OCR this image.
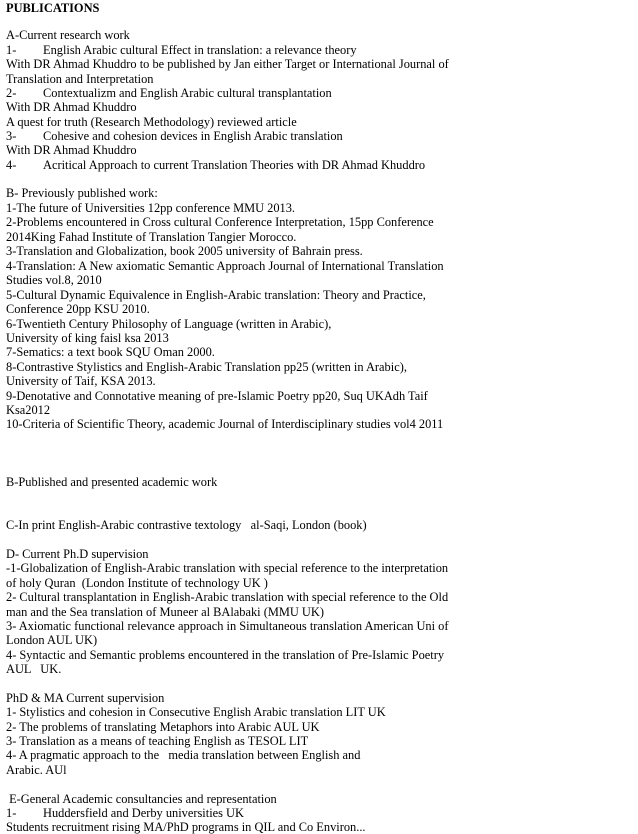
PUBLICATIONS
A-Current research work
1- English Arabic cultural Effect in translation: a relevance theory
With DR Ahmad Khuddro to be published by Jan either Target or International Journal of
Translation and Interpretation
2- Contextualizm and English Arabic cultural transplantation
With DR Ahmad Khuddro
A quest for truth (Research Methodology) reviewed article
3- Cohesive and cohesion devices in English Arabic translation
With DR Ahmad Khuddro
4- Acritical Approach to current Translation Theories with DR Ahmad Khuddro
B- Previously published work:
1-The future of Universities 12pp conference MMU 2013.
2-Problems encountered in Cross cultural Conference Interpretation, 15pp Conference
2014King Fahad Institute of Translation Tangier Morocco.
3-Translation and Globalization, book 2005 university of Bahrain press.
4-Translation: A New axiomatic Semantic Approach Journal of International Translation
Studies vol.8, 2010
5-Cultural Dynamic Equivalence in English-Arabic translation: Theory and Practice,
Conference 20pp KSU 2010.
6-Twentieth Century Philosophy of Language (written in Arabic),
University of king faisl ksa 2013
7-Sematics: a text book SQU Oman 2000.
8-Contrastive Stylistics and English-Arabic Translation pp25 (written in Arabic),
University of Taif, KSA 2013.
9-Denotative and Connotative meaning of pre-Islamic Poetry pp20, Suq UKAdh Taif
Ksa2012
10-Criteria of Scientific Theory, academic Journal of Interdisciplinary studies vol4 2011
B-Published and presented academic work
C-In print English-Arabic contrastive textology   al-Saqi, London (book)
D- Current Ph.D supervision
-1-Globalization of English-Arabic translation with special reference to the interpretation
of holy Quran  (London Institute of technology UK )
2- Cultural transplantation in English-Arabic translation with special reference to the Old
man and the Sea translation of Muneer al BAlabaki (MMU UK)
3- Axiomatic functional relevance approach in Simultaneous translation American Uni of
London AUL UK)
4- Syntactic and Semantic problems encountered in the translation of Pre-Islamic Poetry
AUL   UK.
PhD & MA Current supervision
1- Stylistics and cohesion in Consecutive English Arabic translation LIT UK
2- The problems of translating Metaphors into Arabic AUL UK
3- Translation as a means of teaching English as TESOL LIT
4- A pragmatic approach to the   media translation between English and
Arabic. AUl
E-General Academic consultancies and representation
1- Huddersfield and Derby universities UK
Students recruitment rising MA/PhD programs in QIL and Co Environ...
